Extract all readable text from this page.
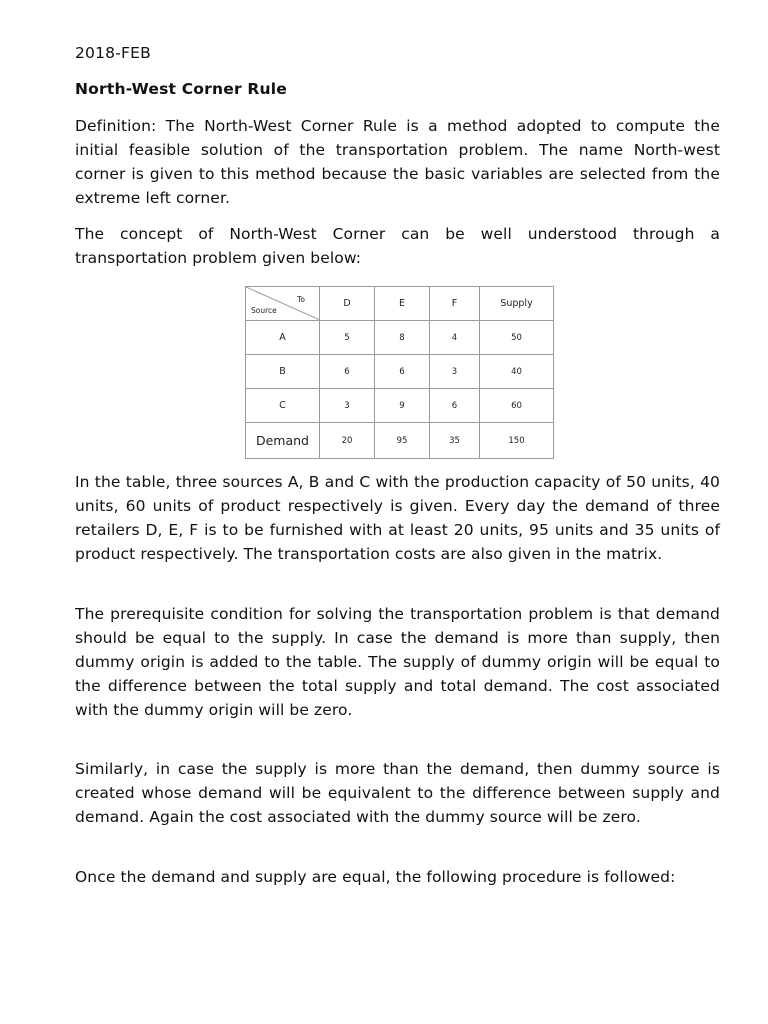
2018-FEB
North-West Corner Rule

Definition: The North-West Corner Rule is a method adopted to compute the initial feasible solution of the transportation problem. The name North-west corner is given to this method because the basic variables are selected from the extreme left corner.

The concept of North-West Corner can be well understood through a transportation problem given below:

In the table, three sources A, B and C with the production capacity of 50 units, 40 units, 60 units of product respectively is given. Every day the demand of three retailers D, E, F is to be furnished with at least 20 units, 95 units and 35 units of product respectively. The transportation costs are also given in the matrix.

The prerequisite condition for solving the transportation problem is that demand should be equal to the supply. In case the demand is more than supply, then dummy origin is added to the table. The supply of dummy origin will be equal to the difference between the total supply and total demand. The cost associated with the dummy origin will be zero.

Similarly, in case the supply is more than the demand, then dummy source is created whose demand will be equivalent to the difference between supply and demand. Again the cost associated with the dummy source will be zero.

Once the demand and supply are equal, the following procedure is followed:

To
Source	D	E	F	Supply
A	5	8	4	50
B	6	6	3	40
C	3	9	6	60
Demand	20	95	35	150
